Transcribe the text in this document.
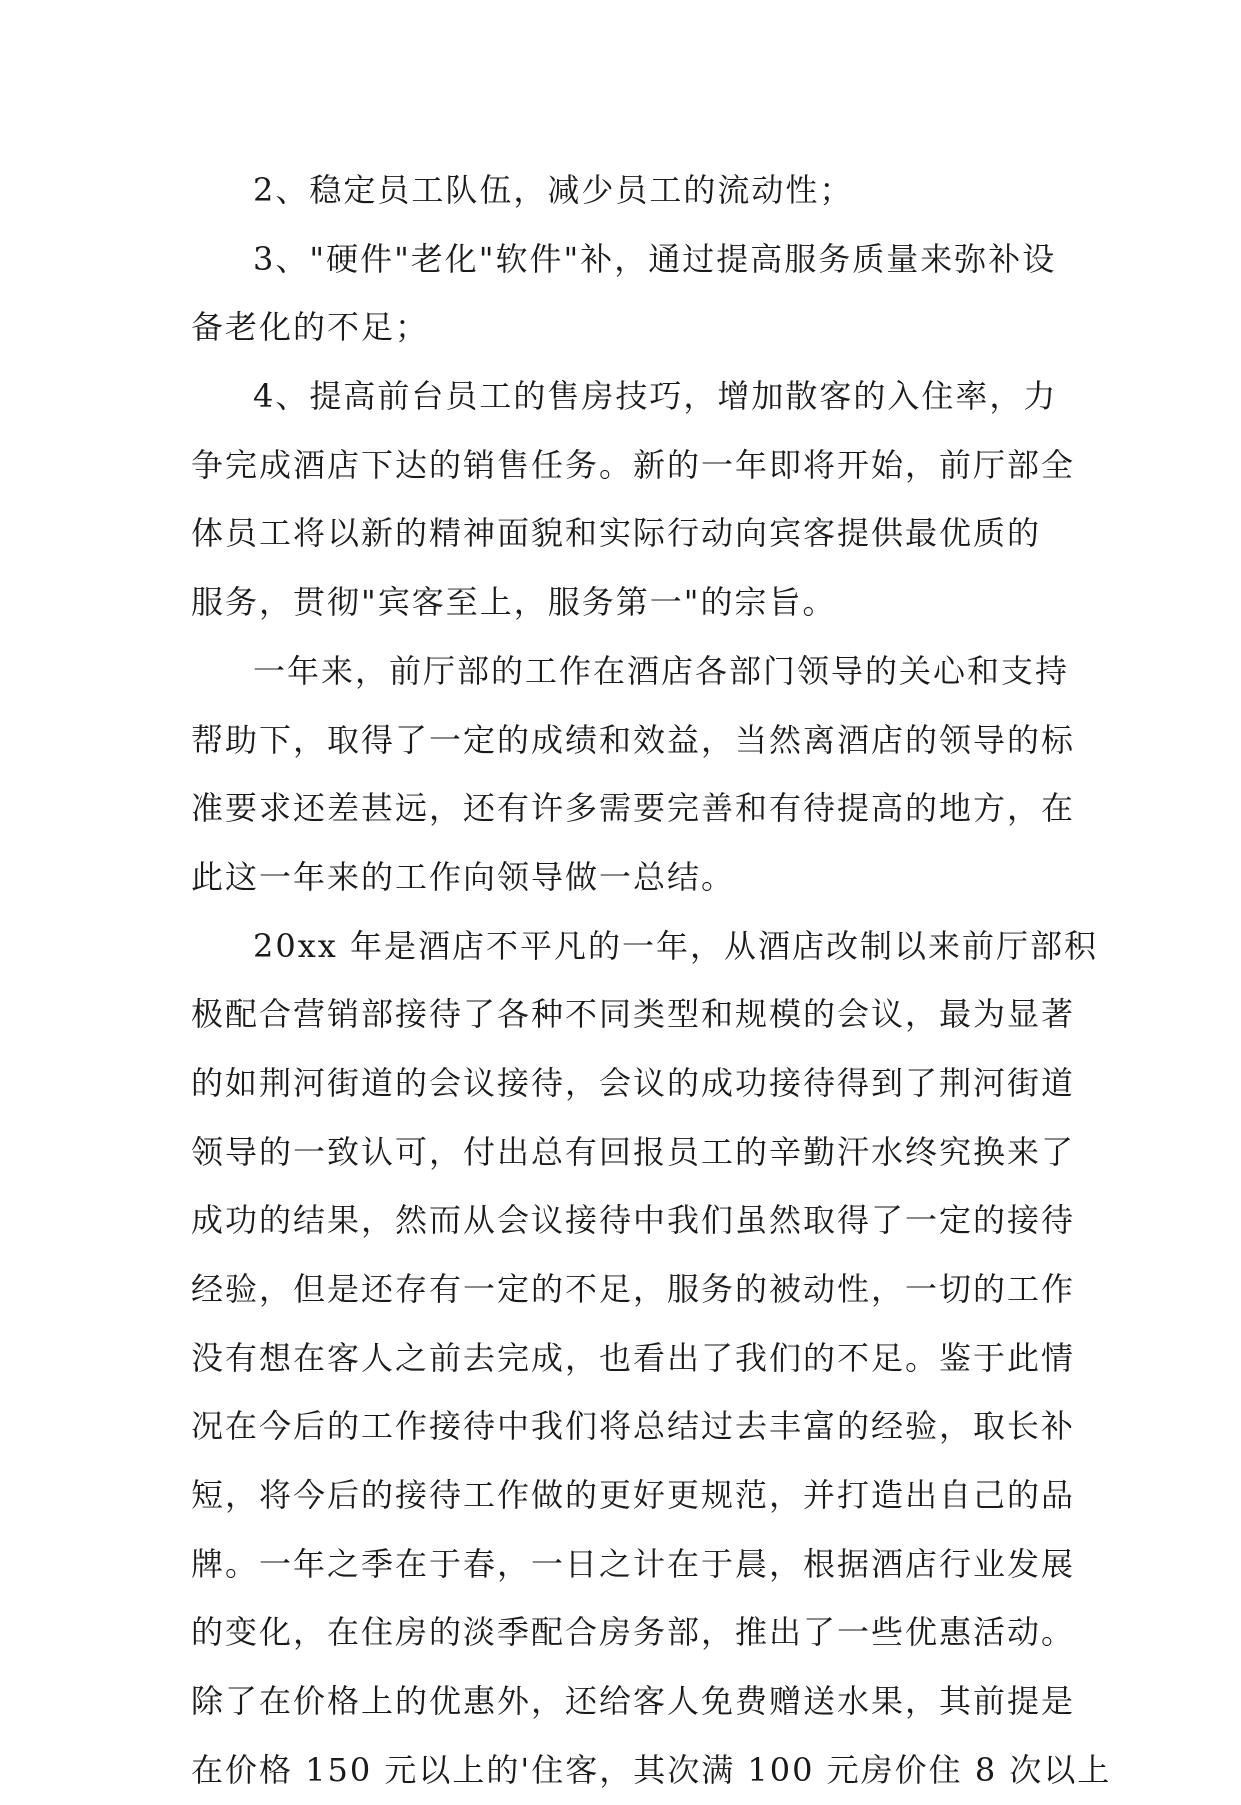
2、稳定员工队伍，减少员工的流动性；
3、"硬件"老化"软件"补，通过提高服务质量来弥补设
备老化的不足；
4、提高前台员工的售房技巧，增加散客的入住率，力
争完成酒店下达的销售任务。新的一年即将开始，前厅部全
体员工将以新的精神面貌和实际行动向宾客提供最优质的
服务，贯彻"宾客至上，服务第一"的宗旨。
一年来，前厅部的工作在酒店各部门领导的关心和支持
帮助下，取得了一定的成绩和效益，当然离酒店的领导的标
准要求还差甚远，还有许多需要完善和有待提高的地方，在
此这一年来的工作向领导做一总结。
20xx 年是酒店不平凡的一年，从酒店改制以来前厅部积
极配合营销部接待了各种不同类型和规模的会议，最为显著
的如荆河街道的会议接待，会议的成功接待得到了荆河街道
领导的一致认可，付出总有回报员工的辛勤汗水终究换来了
成功的结果，然而从会议接待中我们虽然取得了一定的接待
经验，但是还存有一定的不足，服务的被动性，一切的工作
没有想在客人之前去完成，也看出了我们的不足。鉴于此情
况在今后的工作接待中我们将总结过去丰富的经验，取长补
短，将今后的接待工作做的更好更规范，并打造出自己的品
牌。一年之季在于春，一日之计在于晨，根据酒店行业发展
的变化，在住房的淡季配合房务部，推出了一些优惠活动。
除了在价格上的优惠外，还给客人免费赠送水果，其前提是
在价格 150 元以上的'住客，其次满 100 元房价住 8 次以上
